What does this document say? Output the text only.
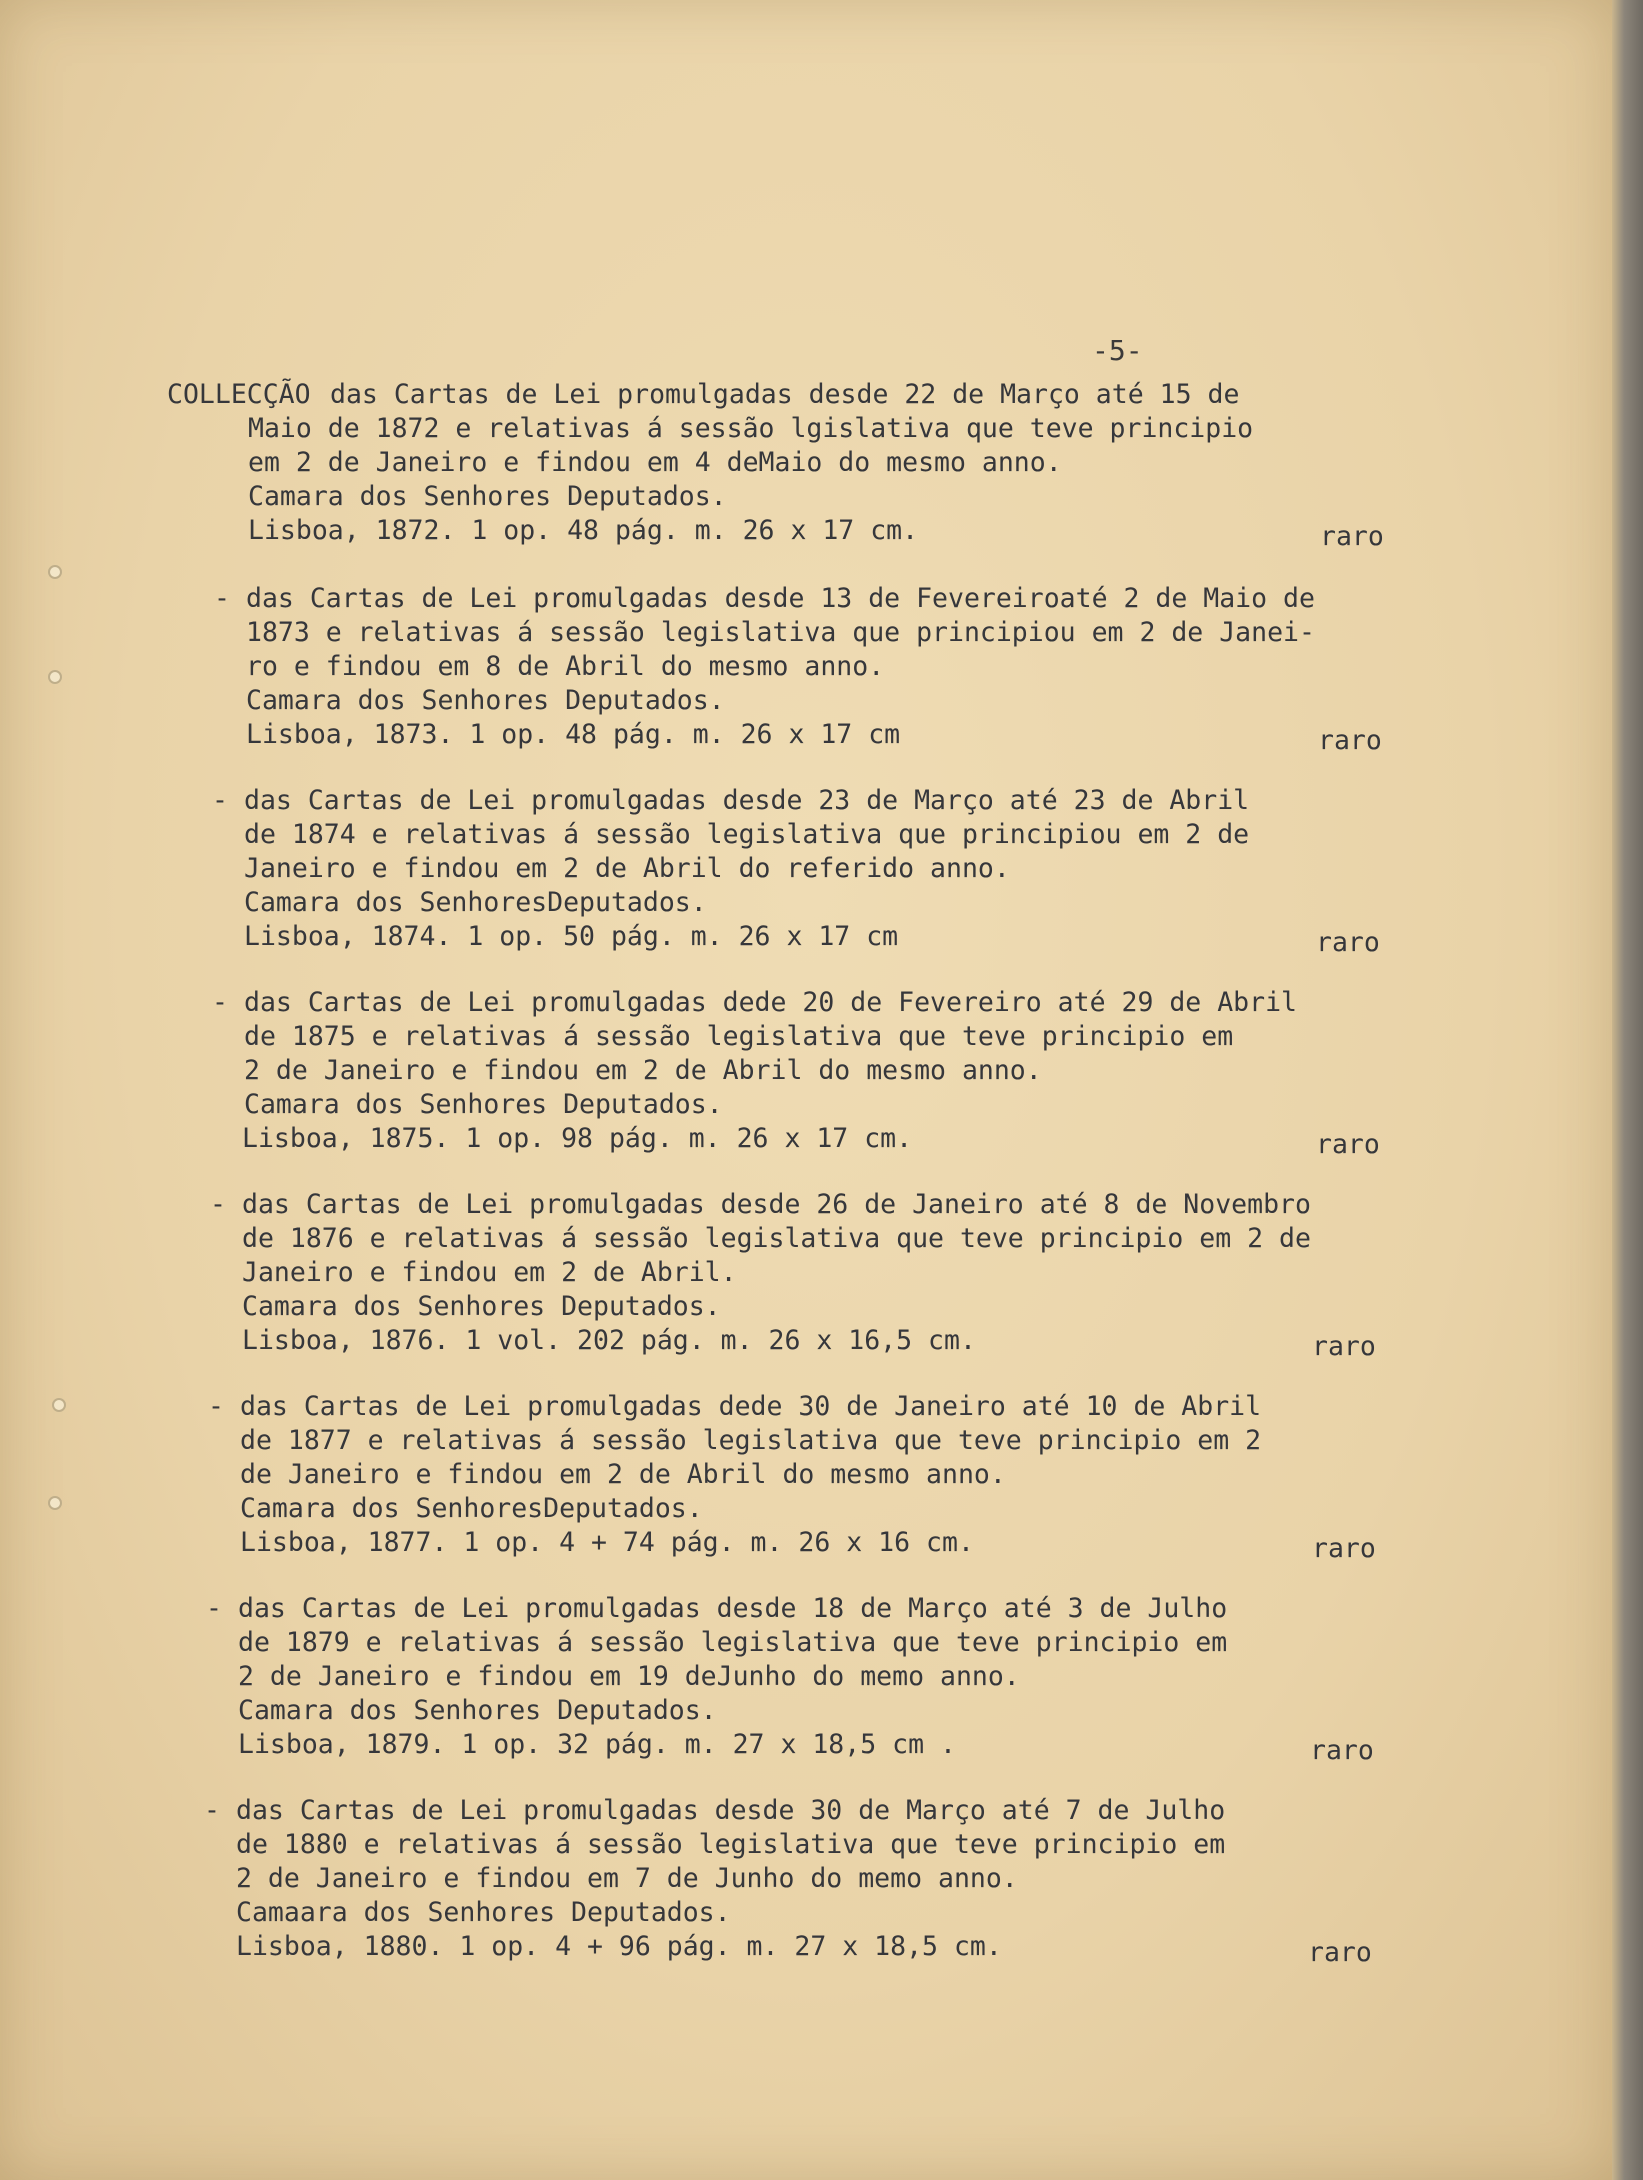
-5-
COLLECÇÃO das Cartas de Lei promulgadas desde 22 de Março até 15 de
Maio de 1872 e relativas á sessão lgislativa que teve principio
em 2 de Janeiro e findou em 4 deMaio do mesmo anno.
Camara dos Senhores Deputados.
Lisboa, 1872. 1 op. 48 pág. m. 26 x 17 cm.	raro
- das Cartas de Lei promulgadas desde 13 de Fevereiroaté 2 de Maio de
1873 e relativas á sessão legislativa que principiou em 2 de Janei-
ro e findou em 8 de Abril do mesmo anno.
Camara dos Senhores Deputados.
Lisboa, 1873. 1 op. 48 pág. m. 26 x 17 cm	raro
- das Cartas de Lei promulgadas desde 23 de Março até 23 de Abril
de 1874 e relativas á sessão legislativa que principiou em 2 de
Janeiro e findou em 2 de Abril do referido anno.
Camara dos SenhoresDeputados.
Lisboa, 1874. 1 op. 50 pág. m. 26 x 17 cm	raro
- das Cartas de Lei promulgadas dede 20 de Fevereiro até 29 de Abril
de 1875 e relativas á sessão legislativa que teve principio em
2 de Janeiro e findou em 2 de Abril do mesmo anno.
Camara dos Senhores Deputados.
Lisboa, 1875. 1 op. 98 pág. m. 26 x 17 cm.	raro
- das Cartas de Lei promulgadas desde 26 de Janeiro até 8 de Novembro
de 1876 e relativas á sessão legislativa que teve principio em 2 de
Janeiro e findou em 2 de Abril.
Camara dos Senhores Deputados.
Lisboa, 1876. 1 vol. 202 pág. m. 26 x 16,5 cm.	raro
- das Cartas de Lei promulgadas dede 30 de Janeiro até 10 de Abril
de 1877 e relativas á sessão legislativa que teve principio em 2
de Janeiro e findou em 2 de Abril do mesmo anno.
Camara dos SenhoresDeputados.
Lisboa, 1877. 1 op. 4 + 74 pág. m. 26 x 16 cm.	raro
- das Cartas de Lei promulgadas desde 18 de Março até 3 de Julho
de 1879 e relativas á sessão legislativa que teve principio em
2 de Janeiro e findou em 19 deJunho do memo anno.
Camara dos Senhores Deputados.
Lisboa, 1879. 1 op. 32 pág. m. 27 x 18,5 cm .	raro
- das Cartas de Lei promulgadas desde 30 de Março até 7 de Julho
de 1880 e relativas á sessão legislativa que teve principio em
2 de Janeiro e findou em 7 de Junho do memo anno.
Camaara dos Senhores Deputados.
Lisboa, 1880. 1 op. 4 + 96 pág. m. 27 x 18,5 cm.	raro
